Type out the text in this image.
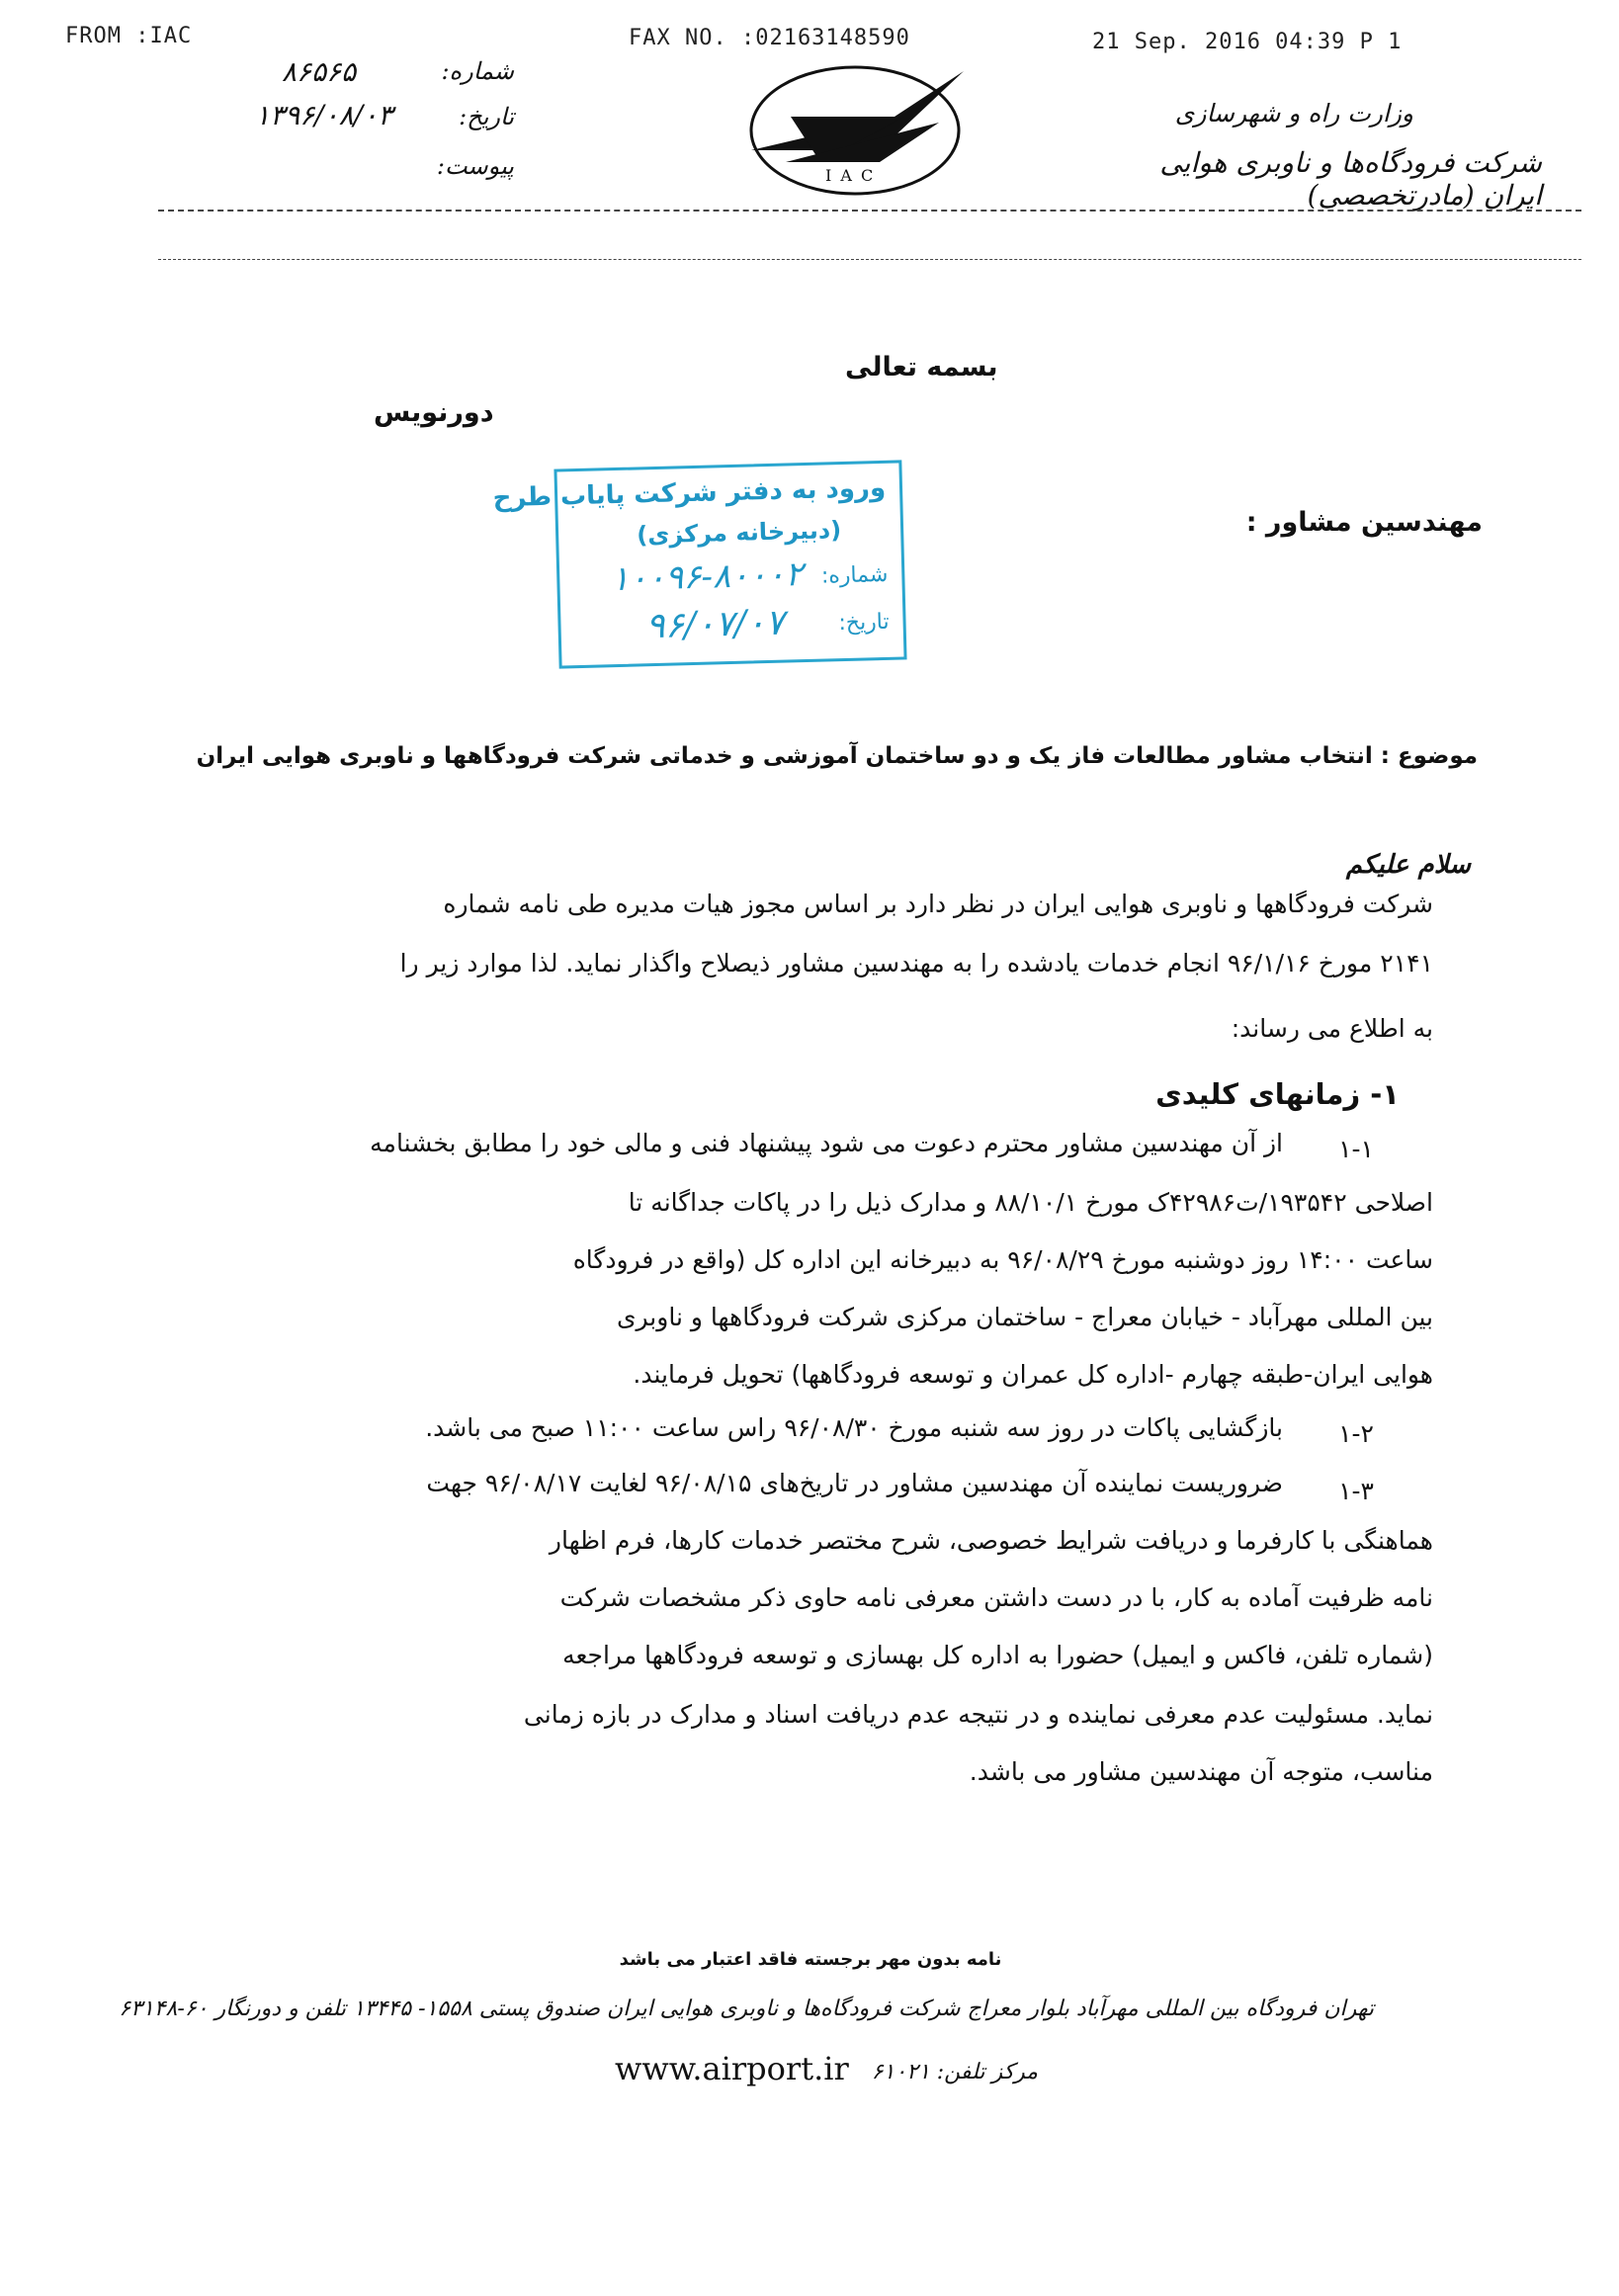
FROM :IAC	FAX NO. :02163148590	21 Sep. 2016 04:39 P 1
شماره:
۸۶۵۶۵
تاریخ:
۱۳۹۶/۰۸/۰۳
پیوست:	I A C
وزارت راه و شهرسازی
شرکت فرودگاه‌ها و ناوبری هوایی ایران (مادرتخصصی)
بسمه تعالی
دورنویس
مهندسین مشاور :
ورود به دفتر شرکت پایاب طرح
(دبیرخانه مرکزی)
شماره:
۱۰۰۹۶-۸۰۰۰۲
تاریخ:
۹۶/۰۷/۰۷
موضوع : انتخاب مشاور مطالعات فاز یک و دو ساختمان آموزشی و خدماتی شرکت فرودگاهها و ناوبری هوایی ایران
سلام علیکم
شرکت فرودگاهها و ناوبری هوایی ایران در نظر دارد بر اساس مجوز هیات مدیره طی نامه شماره
۲۱۴۱ مورخ ۹۶/۱/۱۶ انجام خدمات یادشده را به مهندسین مشاور ذیصلاح واگذار نماید. لذا موارد زیر را
به اطلاع می رساند:
۱- زمانهای کلیدی
۱-۱
از آن مهندسین مشاور محترم دعوت می شود پیشنهاد فنی و مالی خود را مطابق بخشنامه
اصلاحی ۱۹۳۵۴۲/ت۴۲۹۸۶ک مورخ ۸۸/۱۰/۱ و مدارک ذیل را در پاکات جداگانه تا
ساعت ۱۴:۰۰ روز دوشنبه مورخ ۹۶/۰۸/۲۹ به دبیرخانه این اداره کل (واقع در فرودگاه
بین المللی مهرآباد - خیابان معراج - ساختمان مرکزی شرکت فرودگاهها و ناوبری
هوایی ایران-طبقه چهارم -اداره کل عمران و توسعه فرودگاهها) تحویل فرمایند.
۱-۲
بازگشایی پاکات در روز سه شنبه مورخ ۹۶/۰۸/۳۰ راس ساعت ۱۱:۰۰ صبح می باشد.
۱-۳
ضروریست نماینده آن مهندسین مشاور در تاریخ‌های ۹۶/۰۸/۱۵ لغایت ۹۶/۰۸/۱۷ جهت
هماهنگی با کارفرما و دریافت شرایط خصوصی، شرح مختصر خدمات کارها، فرم اظهار
نامه ظرفیت آماده به کار، با در دست داشتن معرفی نامه حاوی ذکر مشخصات شرکت
(شماره تلفن، فاکس و ایمیل) حضورا به اداره کل بهسازی و توسعه فرودگاهها مراجعه
نماید. مسئولیت عدم معرفی نماینده و در نتیجه عدم دریافت اسناد و مدارک در بازه زمانی
مناسب، متوجه آن مهندسین مشاور می باشد.
نامه بدون مهر برجسته فاقد اعتبار می باشد
تهران فرودگاه بین المللی مهرآباد بلوار معراج شرکت فرودگاه‌ها و ناوبری هوایی ایران صندوق پستی ۱۵۵۸- ۱۳۴۴۵ تلفن و دورنگار ۶۰-۶۳۱۴۸
www.airport.ir مرکز تلفن: ۶۱۰۲۱
